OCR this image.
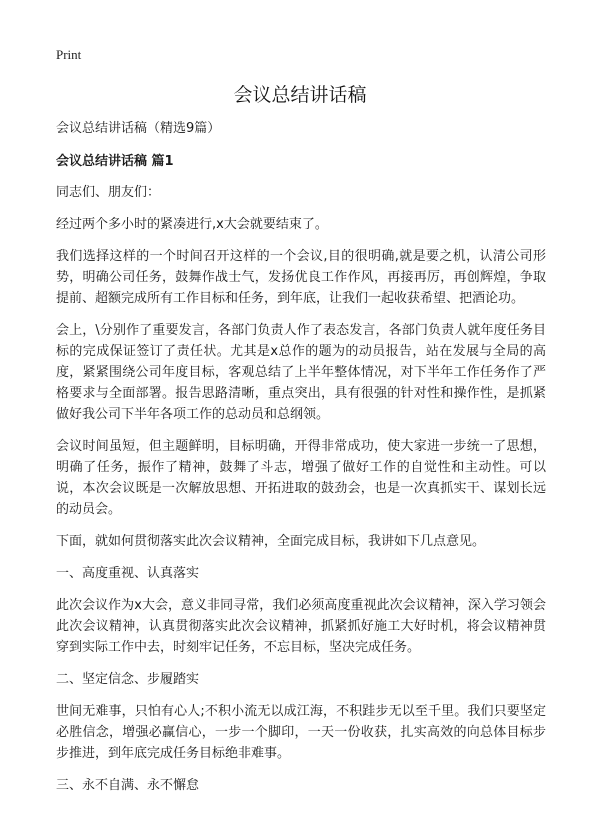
Print
会议总结讲话稿

会议总结讲话稿（精选9篇）

会议总结讲话稿 篇1

同志们、朋友们：

经过两个多小时的紧凑进行,x大会就要结束了。

我们选择这样的一个时间召开这样的一个会议,目的很明确,就是要之机，认清公司形势，明确公司任务，鼓舞作战士气，发扬优良工作作风，再接再厉，再创辉煌，争取提前、超额完成所有工作目标和任务，到年底，让我们一起收获希望、把酒论功。

会上，\分别作了重要发言，各部门负责人作了表态发言，各部门负责人就年度任务目标的完成保证签订了责任状。尤其是x总作的题为的动员报告，站在发展与全局的高度，紧紧围绕公司年度目标，客观总结了上半年整体情况，对下半年工作任务作了严格要求与全面部署。报告思路清晰，重点突出，具有很强的针对性和操作性，是抓紧做好我公司下半年各项工作的总动员和总纲领。

会议时间虽短，但主题鲜明，目标明确，开得非常成功，使大家进一步统一了思想，明确了任务，振作了精神，鼓舞了斗志，增强了做好工作的自觉性和主动性。可以说，本次会议既是一次解放思想、开拓进取的鼓劲会，也是一次真抓实干、谋划长远的动员会。

下面，就如何贯彻落实此次会议精神，全面完成目标，我讲如下几点意见。

一、高度重视、认真落实

此次会议作为x大会，意义非同寻常，我们必须高度重视此次会议精神，深入学习领会此次会议精神，认真贯彻落实此次会议精神，抓紧抓好施工大好时机，将会议精神贯穿到实际工作中去，时刻牢记任务，不忘目标，坚决完成任务。

二、坚定信念、步履踏实

世间无难事，只怕有心人;不积小流无以成江海，不积跬步无以至千里。我们只要坚定必胜信念，增强必赢信心，一步一个脚印，一天一份收获，扎实高效的向总体目标步步推进，到年底完成任务目标绝非难事。

三、永不自满、永不懈怠
